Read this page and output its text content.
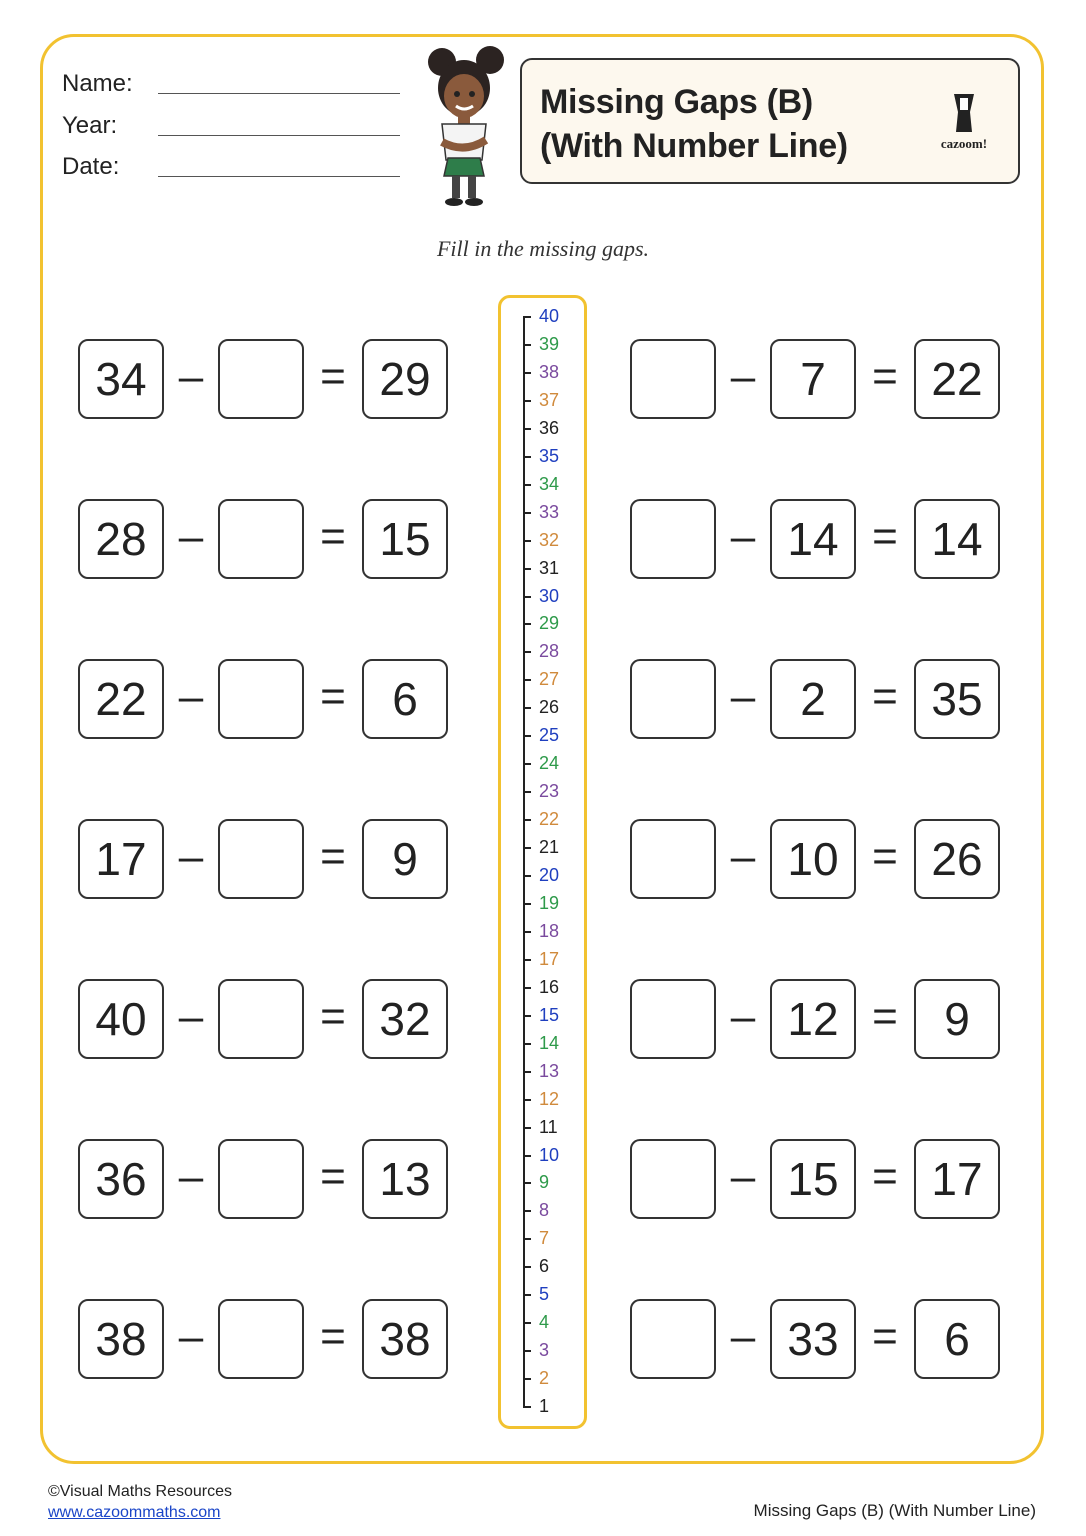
Name:
Year:
Date:
Missing Gaps (B)
(With Number Line)	cazoom!
Fill in the missing gaps.
34 –	= 29
28 –	= 15
22 –	=	6
17 –	=	9
40 –	= 32
36 –	= 13
38 –	= 38
– 7	= 22
– 14 = 14
– 2	= 35
– 10 = 26
– 12 =	9
– 15 = 17
– 33 =	6
40
39
38
37
36
35
34
33
32
31
30
29
28
27
26
25
24
23
22
21
20
19
18
17
16
15
14
13
12
11
10
9
8
7
6
5
4
3
2
1
©Visual Maths Resources
www.cazoommaths.com	Missing Gaps (B) (With Number Line)
